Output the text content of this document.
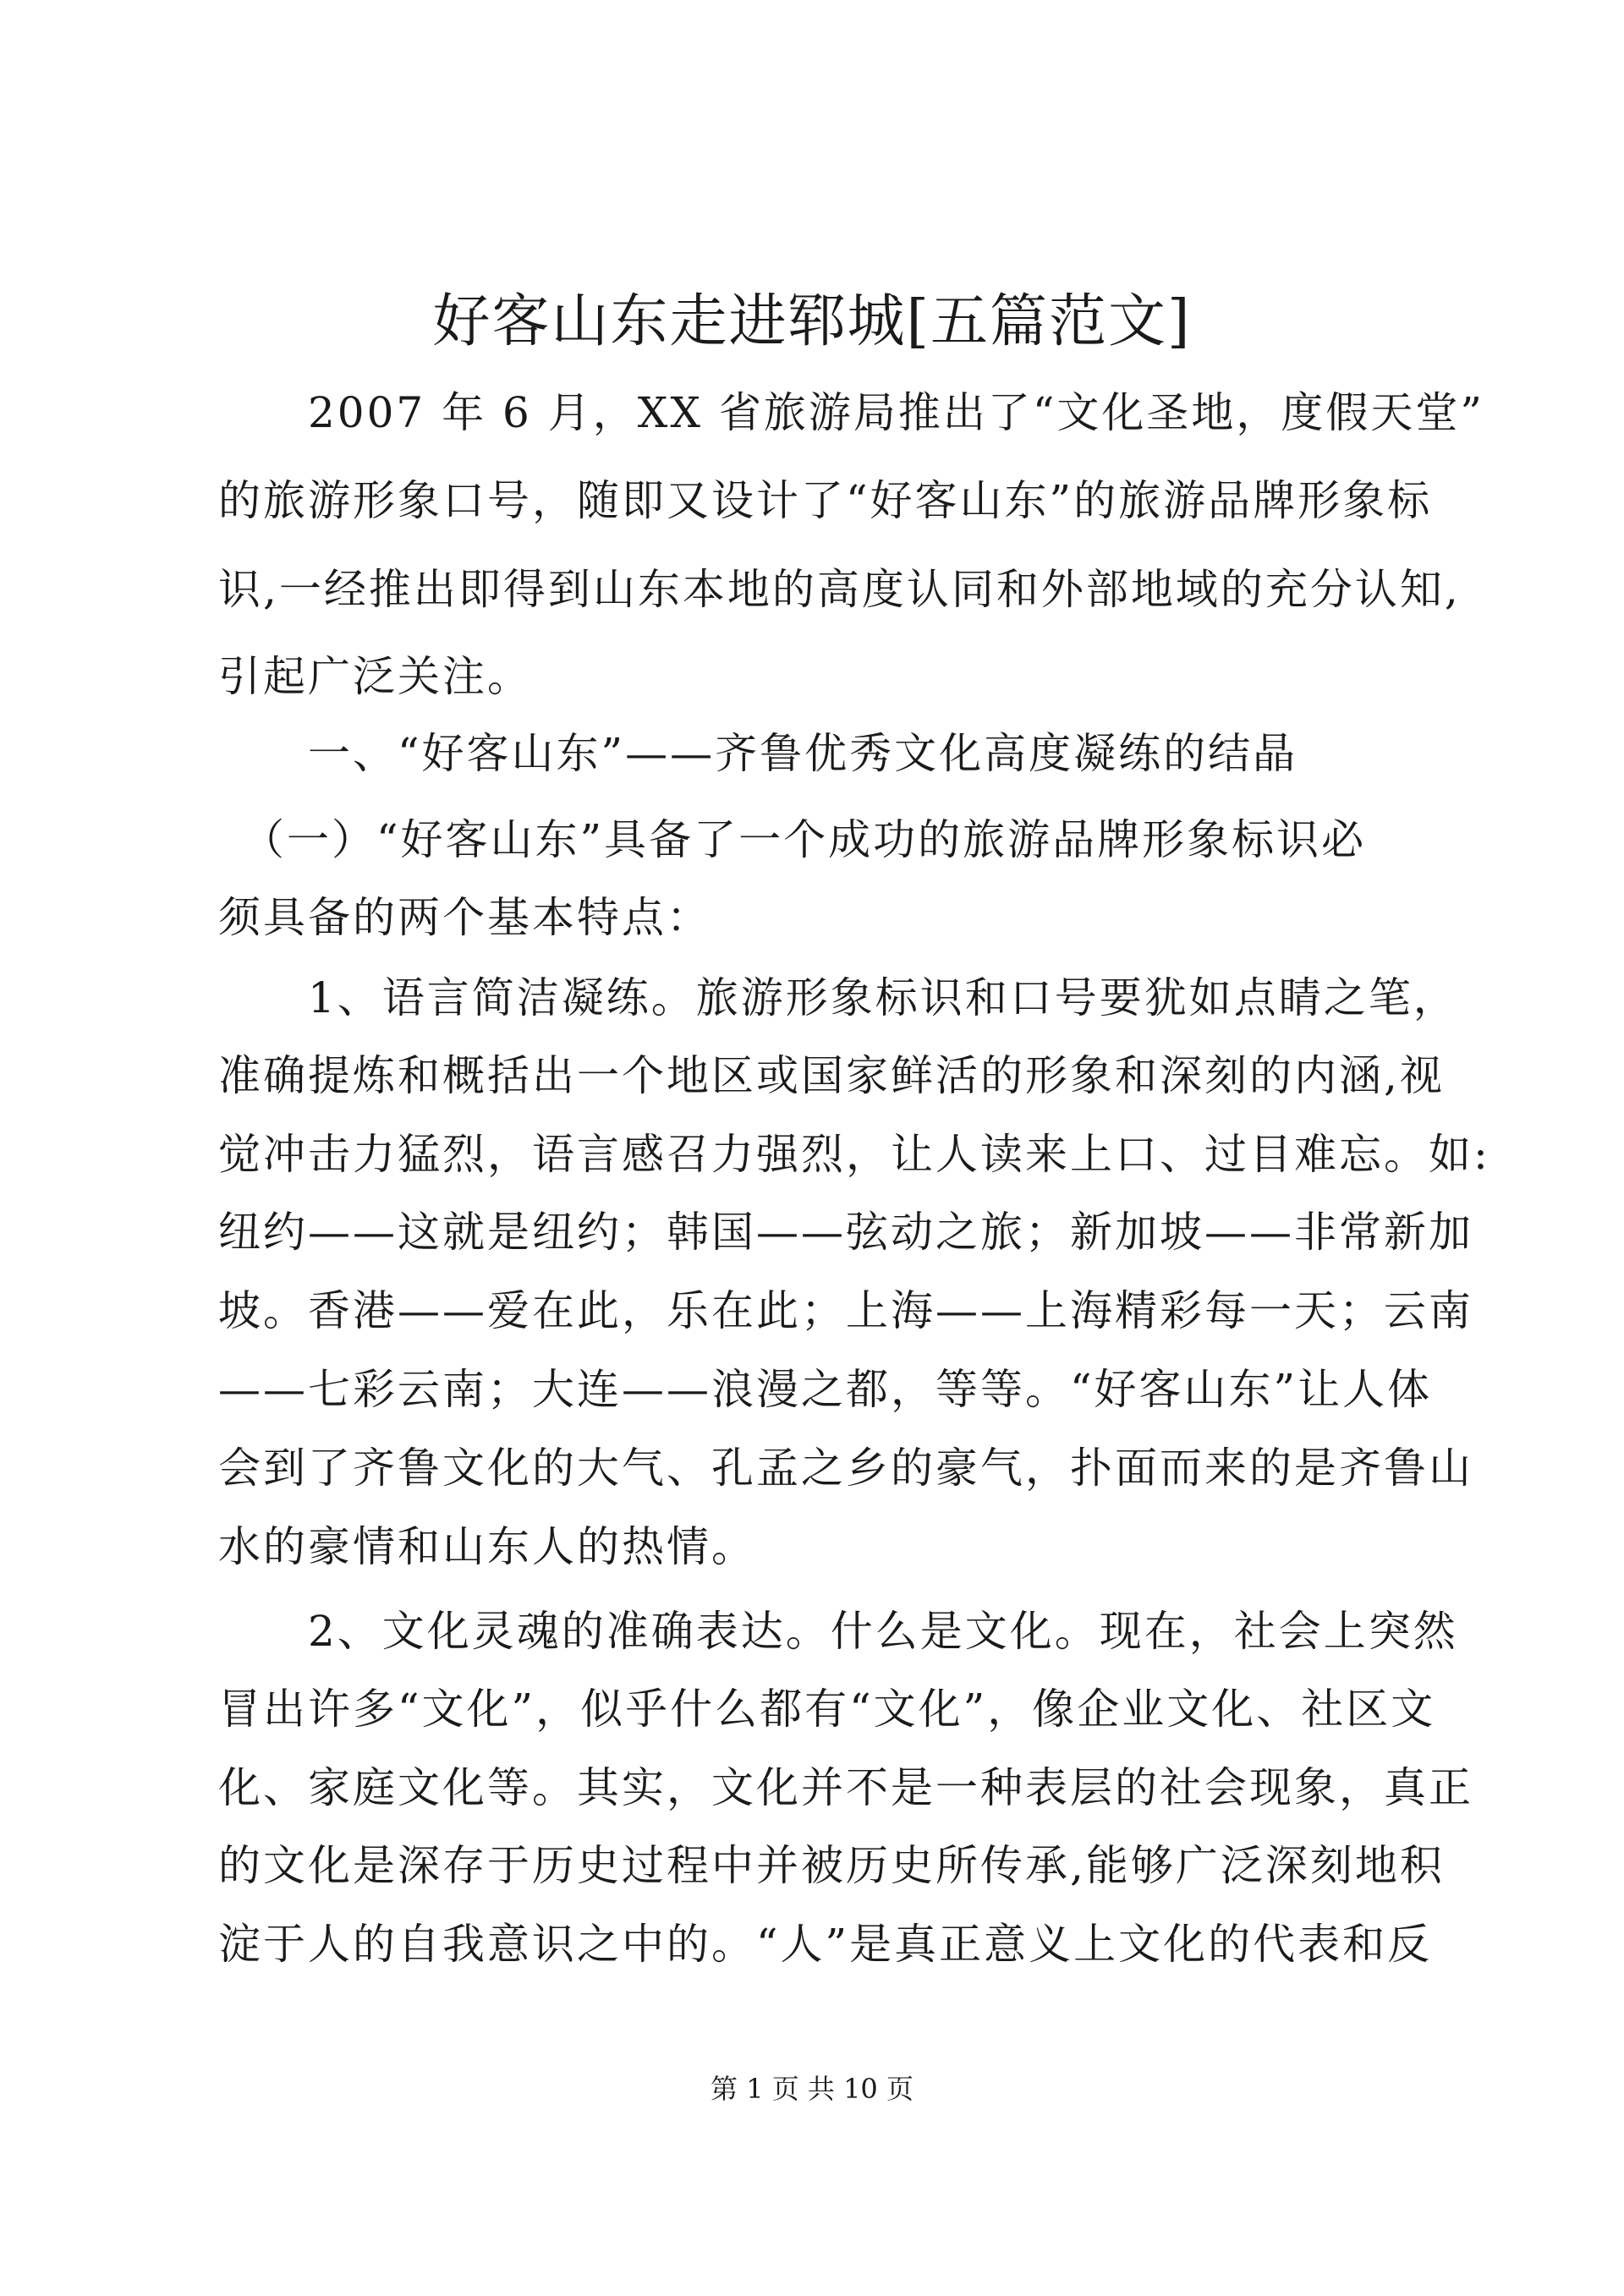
好客山东走进郓城[五篇范文]

　　2007 年 6 月，XX 省旅游局推出了“文化圣地，度假天堂”

的旅游形象口号，随即又设计了“好客山东”的旅游品牌形象标

识,一经推出即得到山东本地的高度认同和外部地域的充分认知,

引起广泛关注。

　　一、“好客山东”——齐鲁优秀文化高度凝练的结晶

　（一）“好客山东”具备了一个成功的旅游品牌形象标识必

须具备的两个基本特点：

　　1、语言简洁凝练。旅游形象标识和口号要犹如点睛之笔，

准确提炼和概括出一个地区或国家鲜活的形象和深刻的内涵,视

觉冲击力猛烈，语言感召力强烈，让人读来上口、过目难忘。如:

纽约——这就是纽约；韩国——弦动之旅；新加坡——非常新加

坡。香港——爱在此，乐在此；上海——上海精彩每一天；云南

——七彩云南；大连——浪漫之都，等等。“好客山东”让人体

会到了齐鲁文化的大气、孔孟之乡的豪气，扑面而来的是齐鲁山

水的豪情和山东人的热情。

　　2、文化灵魂的准确表达。什么是文化。现在，社会上突然

冒出许多“文化”，似乎什么都有“文化”，像企业文化、社区文

化、家庭文化等。其实，文化并不是一种表层的社会现象，真正

的文化是深存于历史过程中并被历史所传承,能够广泛深刻地积

淀于人的自我意识之中的。“人”是真正意义上文化的代表和反

第 1 页 共 10 页
